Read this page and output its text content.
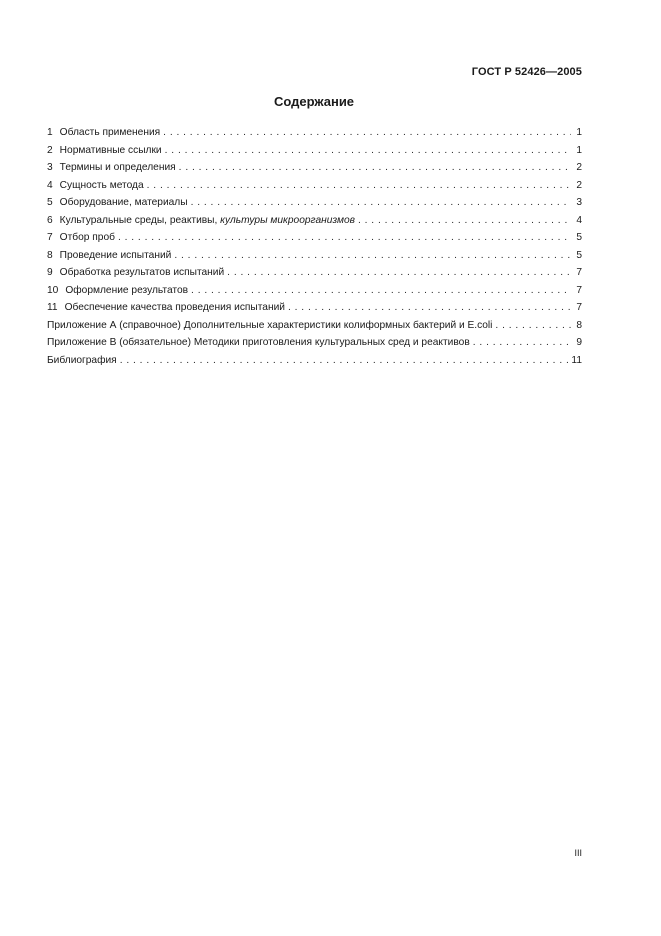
ГОСТ Р 52426—2005
Содержание
1 Область применения . . .	1
2 Нормативные ссылки . . .	1
3 Термины и определения . . .	2
4 Сущность метода . . .	2
5 Оборудование, материалы . . .	3
6 Культуральные среды, реактивы, культуры микроорганизмов . . .	4
7 Отбор проб . . .	5
8 Проведение испытаний . . .	5
9 Обработка результатов испытаний . . .	7
10 Оформление результатов . . .	7
11 Обеспечение качества проведения испытаний . . .	7
Приложение А (справочное) Дополнительные характеристики колиформных бактерий и E.coli . . .	8
Приложение В (обязательное) Методики приготовления культуральных сред и реактивов . . .	9
Библиография . . .	11
III
